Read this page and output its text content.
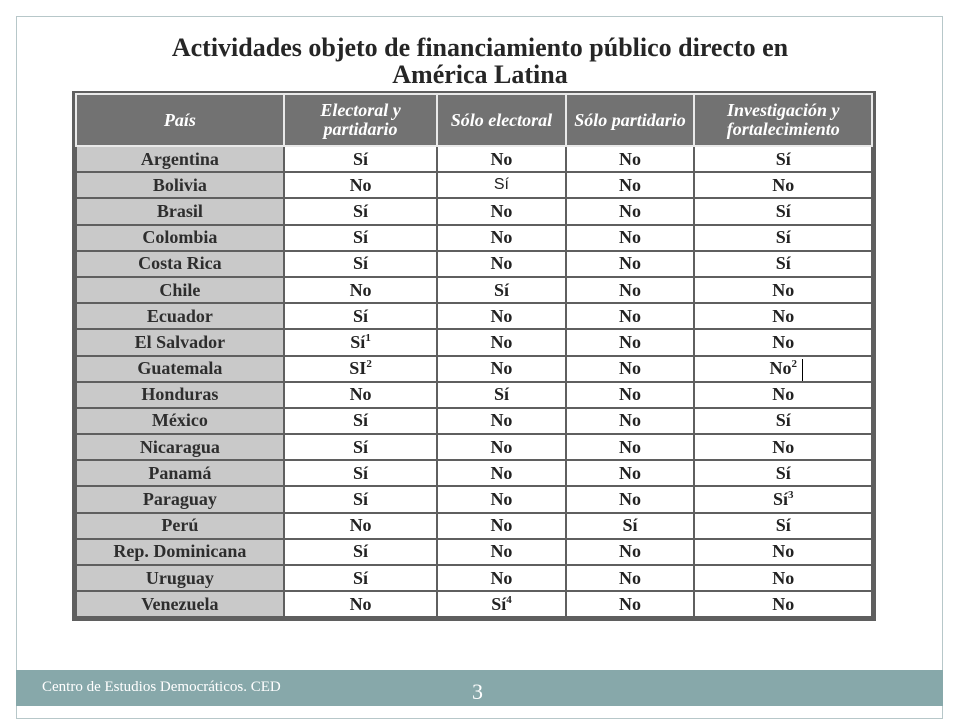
Actividades objeto de financiamiento público directo en
América Latina
País	Electoral y partidario	Sólo electoral	Sólo partidario	Investigación y fortalecimiento
Argentina	Sí	No	No	Sí
Bolivia	No	Sí	No	No
Brasil	Sí	No	No	Sí
Colombia	Sí	No	No	Sí
Costa Rica	Sí	No	No	Sí
Chile	No	Sí	No	No
Ecuador	Sí	No	No	No
El Salvador	$Sí^1$	No	No	No
Guatemala	$SI^2$	No	No	No$^2$

Honduras	No	Sí	No	No
México	Sí	No	No	Sí
Nicaragua	Sí	No	No	No
Panamá	Sí	No	No	Sí
Paraguay	Sí	No	No	$Sí^3$
Perú	No	No	Sí	Sí
Rep. Dominicana	Sí	No	No	No
Uruguay	Sí	No	No	No
Venezuela	No	$Sí^4$	No	No
Centro de Estudios Democráticos. CED	3
